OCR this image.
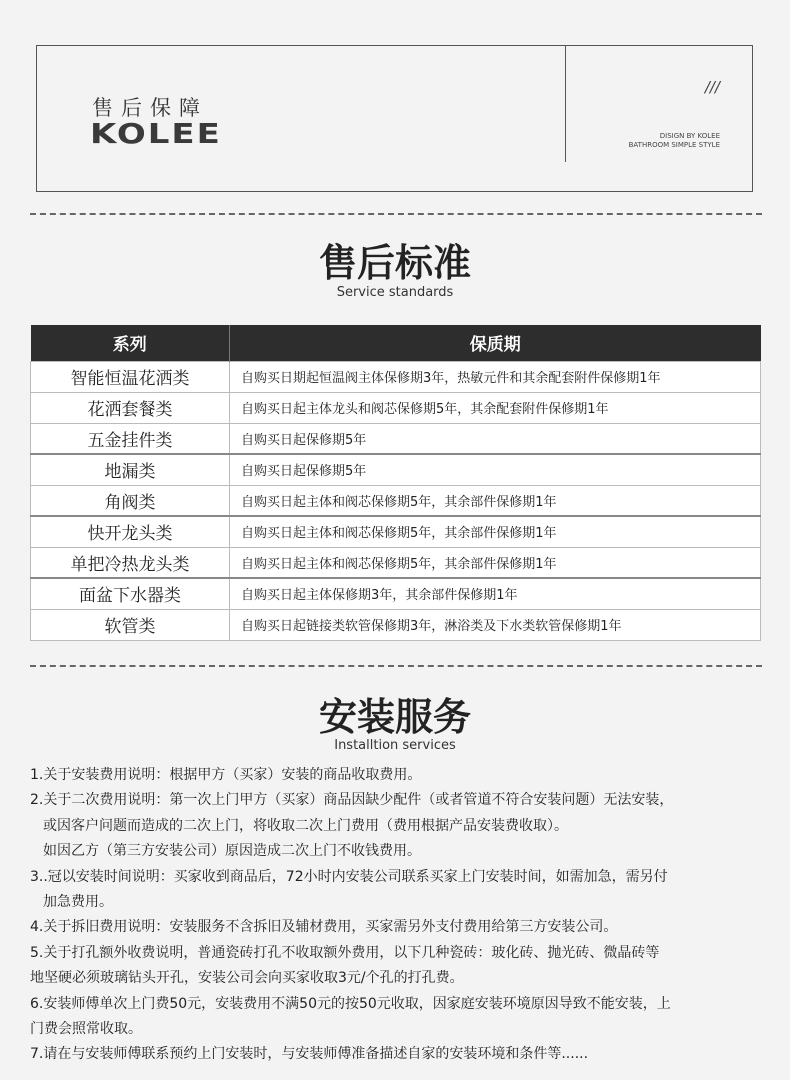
售后保障
KOLEE
///
DISIGN BY KOLEE
BATHROOM SIMPLE STYLE
售后标准
Service standards
系列	保质期
智能恒温花洒类	自购买日期起恒温阀主体保修期3年，热敏元件和其余配套附件保修期1年
花洒套餐类	自购买日起主体龙头和阀芯保修期5年，其余配套附件保修期1年
五金挂件类	自购买日起保修期5年
地漏类	自购买日起保修期5年
角阀类	自购买日起主体和阀芯保修期5年，其余部件保修期1年
快开龙头类	自购买日起主体和阀芯保修期5年，其余部件保修期1年
单把冷热龙头类	自购买日起主体和阀芯保修期5年，其余部件保修期1年
面盆下水器类	自购买日起主体保修期3年，其余部件保修期1年
软管类	自购买日起链接类软管保修期3年，淋浴类及下水类软管保修期1年
安装服务
Installtion services
1.关于安装费用说明：根据甲方（买家）安装的商品收取费用。
2.关于二次费用说明：第一次上门甲方（买家）商品因缺少配件（或者管道不符合安装问题）无法安装，
或因客户问题而造成的二次上门，将收取二次上门费用（费用根据产品安装费收取）。
如因乙方（第三方安装公司）原因造成二次上门不收钱费用。
3..冠以安装时间说明：买家收到商品后，72小时内安装公司联系买家上门安装时间，如需加急，需另付
加急费用。
4.关于拆旧费用说明：安装服务不含拆旧及辅材费用，买家需另外支付费用给第三方安装公司。
5.关于打孔额外收费说明，普通瓷砖打孔不收取额外费用，以下几种瓷砖：玻化砖、抛光砖、微晶砖等
地坚硬必须玻璃钻头开孔，安装公司会向买家收取3元/个孔的打孔费。
6.安装师傅单次上门费50元，安装费用不满50元的按50元收取，因家庭安装环境原因导致不能安装，上
门费会照常收取。
7.请在与安装师傅联系预约上门安装时，与安装师傅准备描述自家的安装环境和条件等......
